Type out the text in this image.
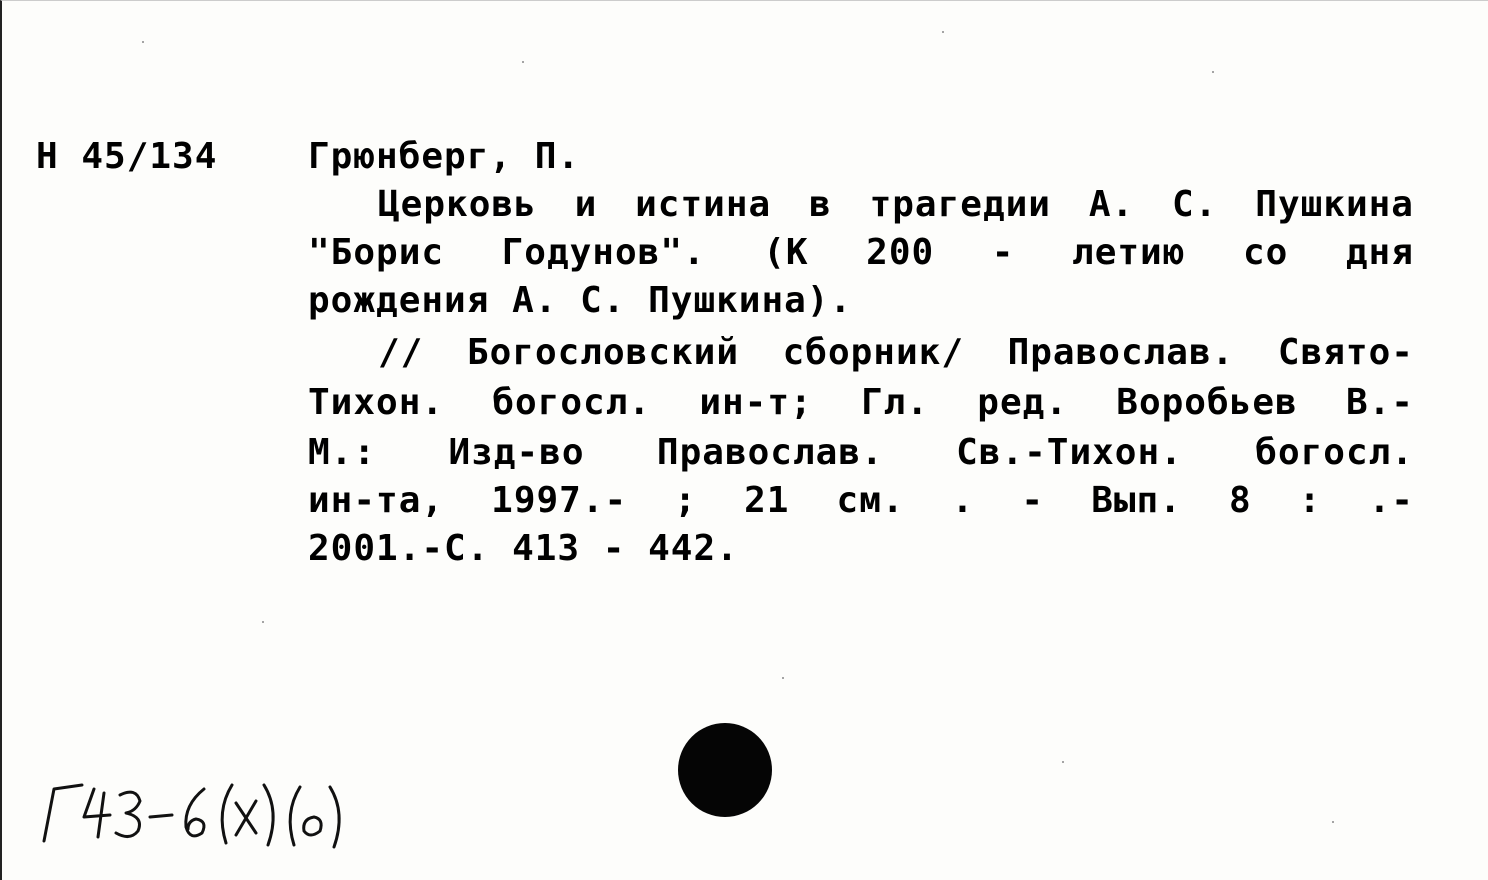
Н 45/134	Грюнберг, П.
Церковь и истина в трагедии А. С. Пушкина
"Борис Годунов". (К 200 - летию со дня
рождения А. С. Пушкина).
// Богословский сборник/ Православ. Свято-
Тихон. богосл. ин-т; Гл. ред. Воробьев В.-
М.: Изд-во Православ. Св.-Тихон. богосл.
ин-та, 1997.- ; 21 см. . - Вып. 8 : .-
2001.-С. 413 - 442.
